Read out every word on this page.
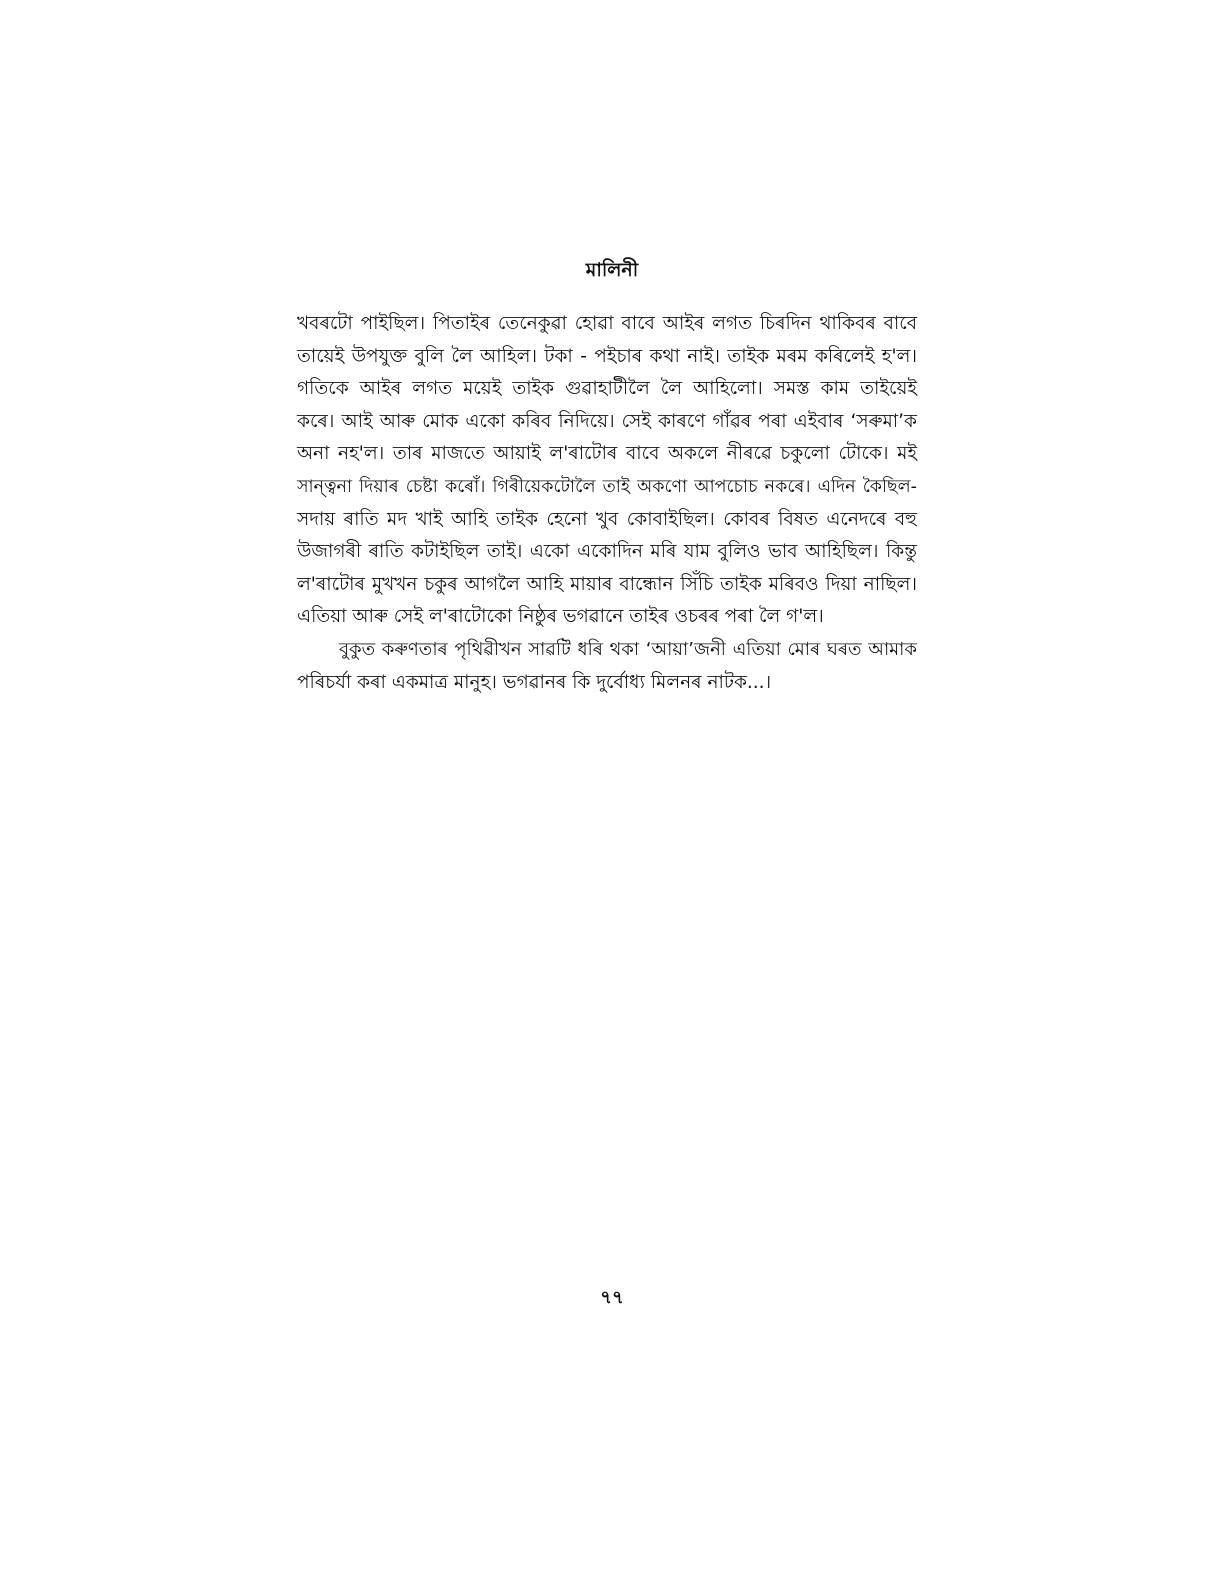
মালিনী
খবৰটো পাইছিল। পিতাইৰ তেনেকুৱা হোৱা বাবে আইৰ লগত চিৰদিন থাকিবৰ বাবে
তায়েই উপযুক্ত বুলি লৈ আহিল। টকা - পইচাৰ কথা নাই। তাইক মৰম কৰিলেই হ'ল।
গতিকে আইৰ লগত ময়েই তাইক গুৱাহাটীলৈ লৈ আহিলো। সমস্ত কাম তাইয়েই
কৰে। আই আৰু মোক একো কৰিব নিদিয়ে। সেই কাৰণে গাঁৱৰ পৰা এইবাৰ ‘সৰুমা’ক
অনা নহ'ল। তাৰ মাজতে আয়াই ল'ৰাটোৰ বাবে অকলে নীৰৱে চকুলো টোকে। মই
সান্ত্বনা দিয়াৰ চেষ্টা কৰোঁ। গিৰীয়েকটোলৈ তাই অকণো আপচোচ নকৰে। এদিন কৈছিল-
সদায় ৰাতি মদ খাই আহি তাইক হেনো খুব কোবাইছিল। কোবৰ বিষত এনেদৰে বহু
উজাগৰী ৰাতি কটাইছিল তাই। একো একোদিন মৰি যাম বুলিও ভাব আহিছিল। কিন্তু
ল'ৰাটোৰ মুখখন চকুৰ আগলৈ আহি মায়াৰ বান্ধোন সিঁচি তাইক মৰিবও দিয়া নাছিল।
এতিয়া আৰু সেই ল'ৰাটোকো নিষ্ঠুৰ ভগৱানে তাইৰ ওচৰৰ পৰা লৈ গ'ল।
বুকুত কৰুণতাৰ পৃথিৱীখন সাৱটি ধৰি থকা ‘আয়া’জনী এতিয়া মোৰ ঘৰত আমাক
পৰিচৰ্যা কৰা একমাত্ৰ মানুহ। ভগৱানৰ কি দুৰ্বোধ্য মিলনৰ নাটক...।
৭৭
